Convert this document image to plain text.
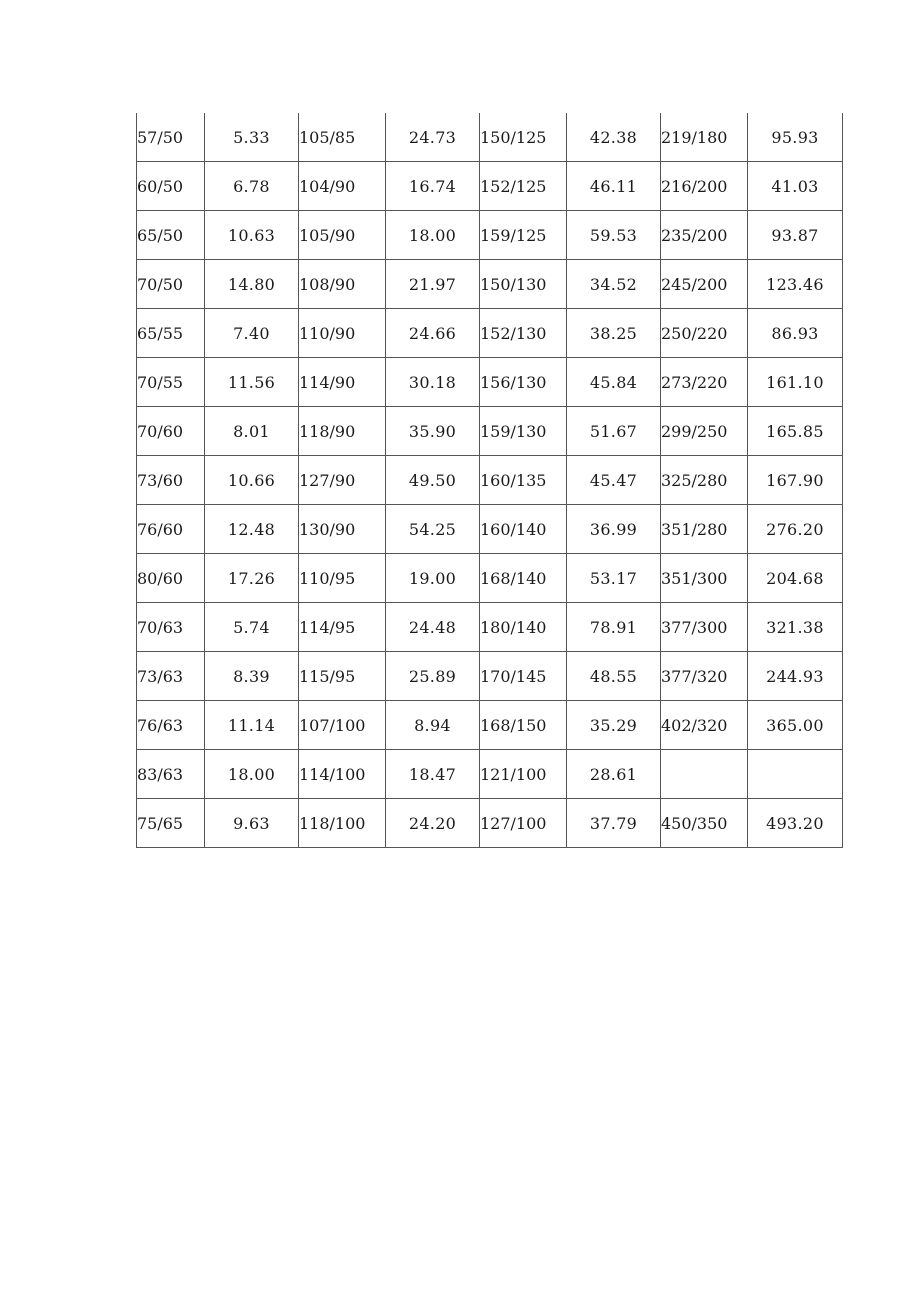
57/50	5.33	105/85	24.73	150/125	42.38	219/180	95.93
60/50	6.78	104/90	16.74	152/125	46.11	216/200	41.03
65/50	10.63	105/90	18.00	159/125	59.53	235/200	93.87
70/50	14.80	108/90	21.97	150/130	34.52	245/200	123.46
65/55	7.40	110/90	24.66	152/130	38.25	250/220	86.93
70/55	11.56	114/90	30.18	156/130	45.84	273/220	161.10
70/60	8.01	118/90	35.90	159/130	51.67	299/250	165.85
73/60	10.66	127/90	49.50	160/135	45.47	325/280	167.90
76/60	12.48	130/90	54.25	160/140	36.99	351/280	276.20
80/60	17.26	110/95	19.00	168/140	53.17	351/300	204.68
70/63	5.74	114/95	24.48	180/140	78.91	377/300	321.38
73/63	8.39	115/95	25.89	170/145	48.55	377/320	244.93
76/63	11.14	107/100	8.94	168/150	35.29	402/320	365.00
83/63	18.00	114/100	18.47	121/100	28.61		
75/65	9.63	118/100	24.20	127/100	37.79	450/350	493.20
